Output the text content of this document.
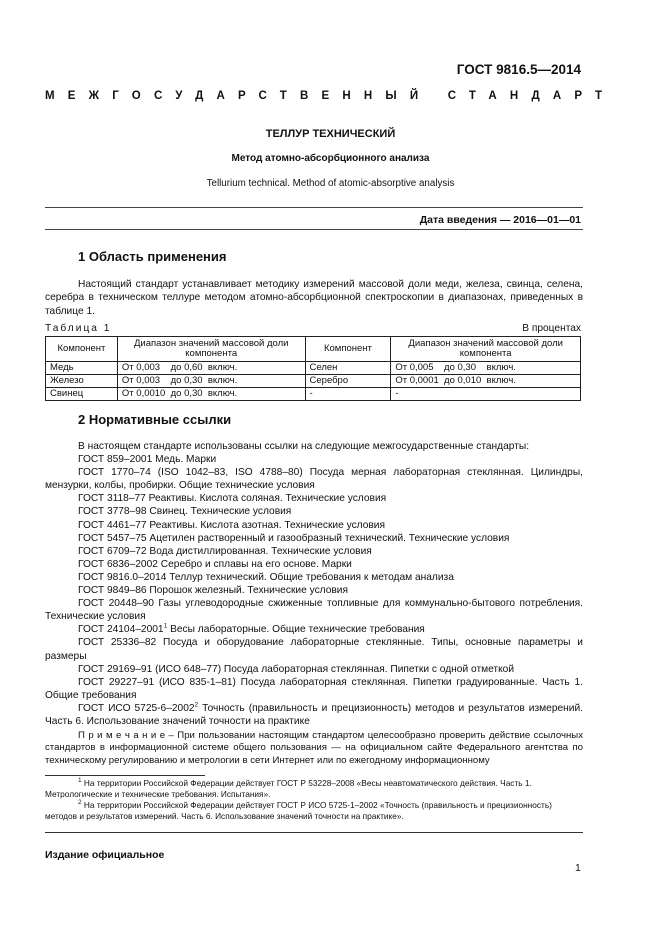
ГОСТ 9816.5—2014
МЕЖГОСУДАРСТВЕННЫЙ СТАНДАРТ
ТЕЛЛУР ТЕХНИЧЕСКИЙ
Метод атомно-абсорбционного анализа
Tellurium technical. Method of atomic-absorptive analysis
Дата введения — 2016—01—01
1 Область применения
Настоящий стандарт устанавливает методику измерений массовой доли меди, железа, свинца, селена, серебра в техническом теллуре методом атомно-абсорбционной спектроскопии в диапазонах, приведенных в таблице 1.
Таблица 1	В процентах
Компонент	Диапазон значений массовой доли компонента	Компонент	Диапазон значений массовой доли компонента
Медь	От 0,003    до 0,60  включ.	Селен	От 0,005    до 0,30    включ.
Железо	От 0,003    до 0,30  включ.	Серебро	От 0,0001  до 0,010  включ.
Свинец	От 0,0010  до 0,30  включ.	-	-
2 Нормативные ссылки
В настоящем стандарте использованы ссылки на следующие межгосударственные стандарты:
ГОСТ 859–2001 Медь. Марки
ГОСТ 1770–74 (ISO 1042–83, ISO 4788–80) Посуда мерная лабораторная стеклянная. Цилиндры, мензурки, колбы, пробирки. Общие технические условия
ГОСТ 3118–77 Реактивы. Кислота соляная. Технические условия
ГОСТ 3778–98 Свинец. Технические условия
ГОСТ 4461–77 Реактивы. Кислота азотная. Технические условия
ГОСТ 5457–75 Ацетилен растворенный и газообразный технический. Технические условия
ГОСТ 6709–72 Вода дистиллированная. Технические условия
ГОСТ 6836–2002 Серебро и сплавы на его основе. Марки
ГОСТ 9816.0–2014 Теллур технический. Общие требования к методам анализа
ГОСТ 9849–86 Порошок железный. Технические условия
ГОСТ 20448–90 Газы углеводородные сжиженные топливные для коммунально-бытового потребления. Технические условия
ГОСТ 24104–2001$^1$ Весы лабораторные. Общие технические требования
ГОСТ 25336–82 Посуда и оборудование лабораторные стеклянные. Типы, основные параметры и размеры
ГОСТ 29169–91 (ИСО 648–77) Посуда лабораторная стеклянная. Пипетки с одной отметкой
ГОСТ 29227–91 (ИСО 835-1–81) Посуда лабораторная стеклянная. Пипетки градуированные. Часть 1. Общие требования
ГОСТ ИСО 5725-6–2002$^2$ Точность (правильность и прецизионность) методов и результатов измерений. Часть 6. Использование значений точности на практике
П р и м е ч а н и е – При пользовании настоящим стандартом целесообразно проверить действие ссылочных стандартов в информационной системе общего пользования — на официальном сайте Федерального агентства по техническому регулированию и метрологии в сети Интернет или по ежегодному информационному
$^1$ На территории Российской Федерации действует ГОСТ Р 53228–2008 «Весы неавтоматического действия. Часть 1. Метрологические и технические требования. Испытания».
$^2$ На территории Российской Федерации действует ГОСТ Р ИСО 5725-1–2002 «Точность (правильность и прецизионность) методов и результатов измерений. Часть 6. Использование значений точности на практике».
Издание официальное
1
